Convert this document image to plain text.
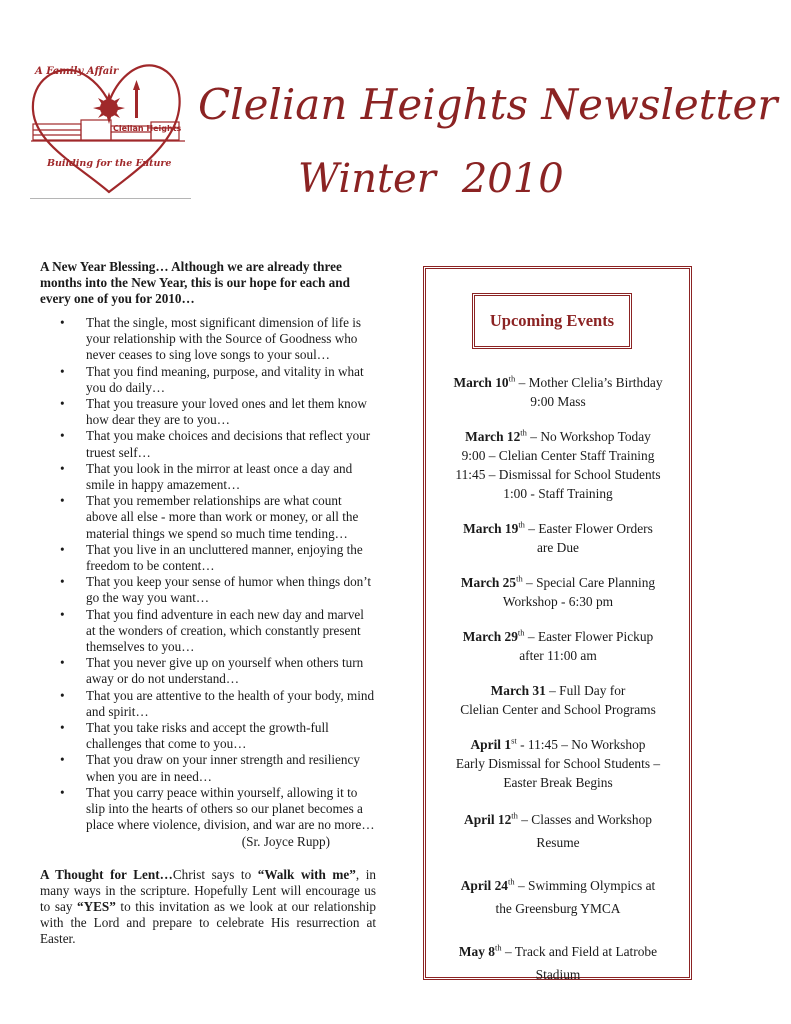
A Family Affair
Clelian Heights
Building for the Future
Clelian Heights Newsletter
Winter 2010
A New Year Blessing… Although we are already three months into the New Year, this is our hope for each and every one of you for 2010…
• That the single, most significant dimension of life is your relationship with the Source of Goodness who never ceases to sing love songs to your soul…
• That you find meaning, purpose, and vitality in what you do daily…
• That you treasure your loved ones and let them know how dear they are to you…
• That you make choices and decisions that reflect your truest self…
• That you look in the mirror at least once a day and smile in happy amazement…
• That you remember relationships are what count above all else - more than work or money, or all the material things we spend so much time tending…
• That you live in an uncluttered manner, enjoying the freedom to be content…
• That you keep your sense of humor when things don’t go the way you want…
• That you find adventure in each new day and marvel at the wonders of creation, which constantly present themselves to you…
• That you never give up on yourself when others turn away or do not understand…
• That you are attentive to the health of your body, mind and spirit…
• That you take risks and accept the growth-full challenges that come to you…
• That you draw on your inner strength and resiliency when you are in need…
• That you carry peace within yourself, allowing it to slip into the hearts of others so our planet becomes a place where violence, division, and war are no more…
(Sr. Joyce Rupp)
A Thought for Lent…Christ says to “Walk with me”, in many ways in the scripture. Hopefully Lent will encourage us to say “YES” to this invitation as we look at our relationship with the Lord and prepare to celebrate His resurrection at Easter.
Upcoming Events
March 10th – Mother Clelia’s Birthday
9:00 Mass
March 12th – No Workshop Today
9:00 – Clelian Center Staff Training
11:45 – Dismissal for School Students
1:00 - Staff Training
March 19th – Easter Flower Orders
are Due
March 25th – Special Care Planning
Workshop - 6:30 pm
March 29th – Easter Flower Pickup
after 11:00 am
March 31 – Full Day for
Clelian Center and School Programs
April 1st - 11:45 – No Workshop
Early Dismissal for School Students –
Easter Break Begins
April 12th – Classes and Workshop
Resume
April 24th – Swimming Olympics at
the Greensburg YMCA
May 8th – Track and Field at Latrobe
Stadium
